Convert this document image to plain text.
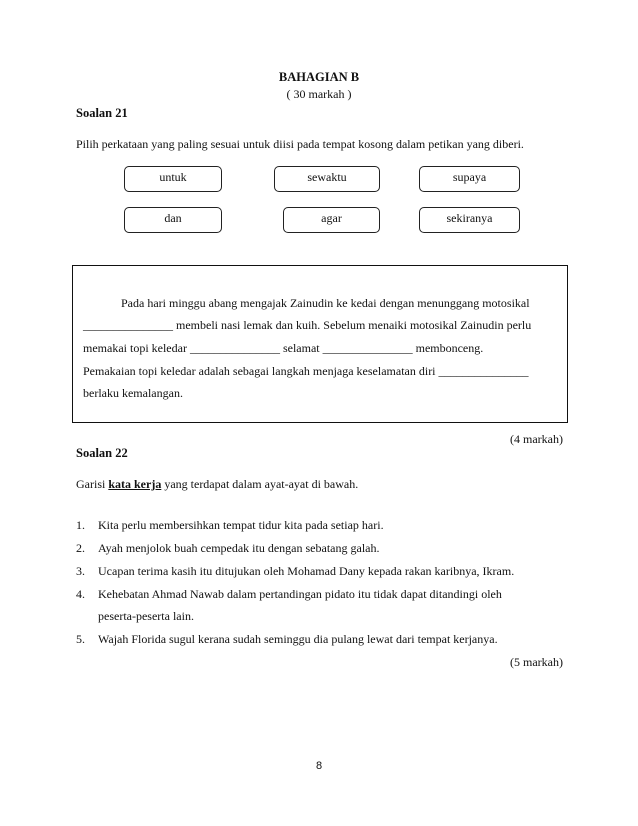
BAHAGIAN B
( 30 markah )
Soalan 21
Pilih perkataan yang paling sesuai untuk diisi pada tempat kosong dalam petikan yang diberi.
untuk	sewaktu	supaya
dan	agar	sekiranya
Pada hari minggu abang mengajak Zainudin ke kedai dengan menunggang motosikal
_______________ membeli nasi lemak dan kuih. Sebelum menaiki motosikal Zainudin perlu
memakai topi keledar _______________ selamat _______________ membonceng.
Pemakaian topi keledar adalah sebagai langkah menjaga keselamatan diri _______________
berlaku kemalangan.
(4 markah)
Soalan 22
Garisi kata kerja yang terdapat dalam ayat-ayat di bawah.
1. Kita perlu membersihkan tempat tidur kita pada setiap hari.
2. Ayah menjolok buah cempedak itu dengan sebatang galah.
3. Ucapan terima kasih itu ditujukan oleh Mohamad Dany kepada rakan karibnya, Ikram.
4. Kehebatan Ahmad Nawab dalam pertandingan pidato itu tidak dapat ditandingi oleh
peserta-peserta lain.
5. Wajah Florida sugul kerana sudah seminggu dia pulang lewat dari tempat kerjanya.
(5 markah)
8
